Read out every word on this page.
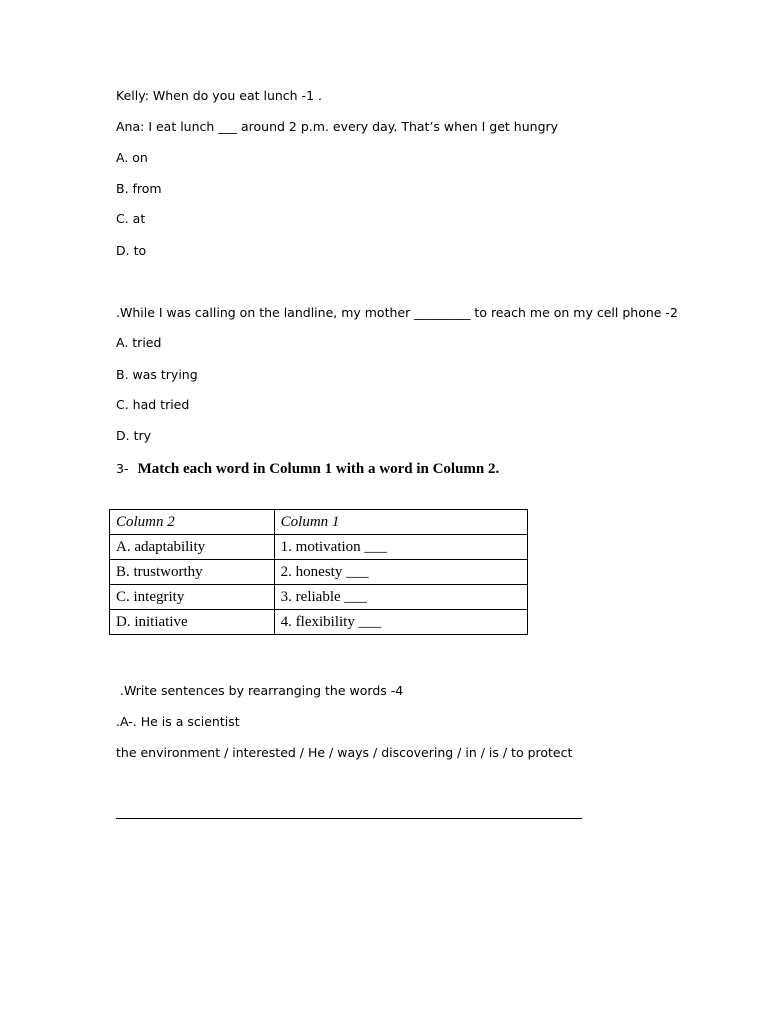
Kelly: When do you eat lunch -1 .
Ana: I eat lunch ___ around 2 p.m. every day. That’s when I get hungry
A. on
B. from
C. at
D. to
.While I was calling on the landline, my mother _________ to reach me on my cell phone -2
A. tried
B. was trying
C. had tried
D. try
3- Match each word in Column 1 with a word in Column 2.
Column 2	Column 1
A. adaptability	1. motivation ___
B. trustworthy	2. honesty ___
C. integrity	3. reliable ___
D. initiative	4. flexibility ___
.Write sentences by rearranging the words -4
.A-. He is a scientist
the environment / interested / He / ways / discovering / in / is / to protect
